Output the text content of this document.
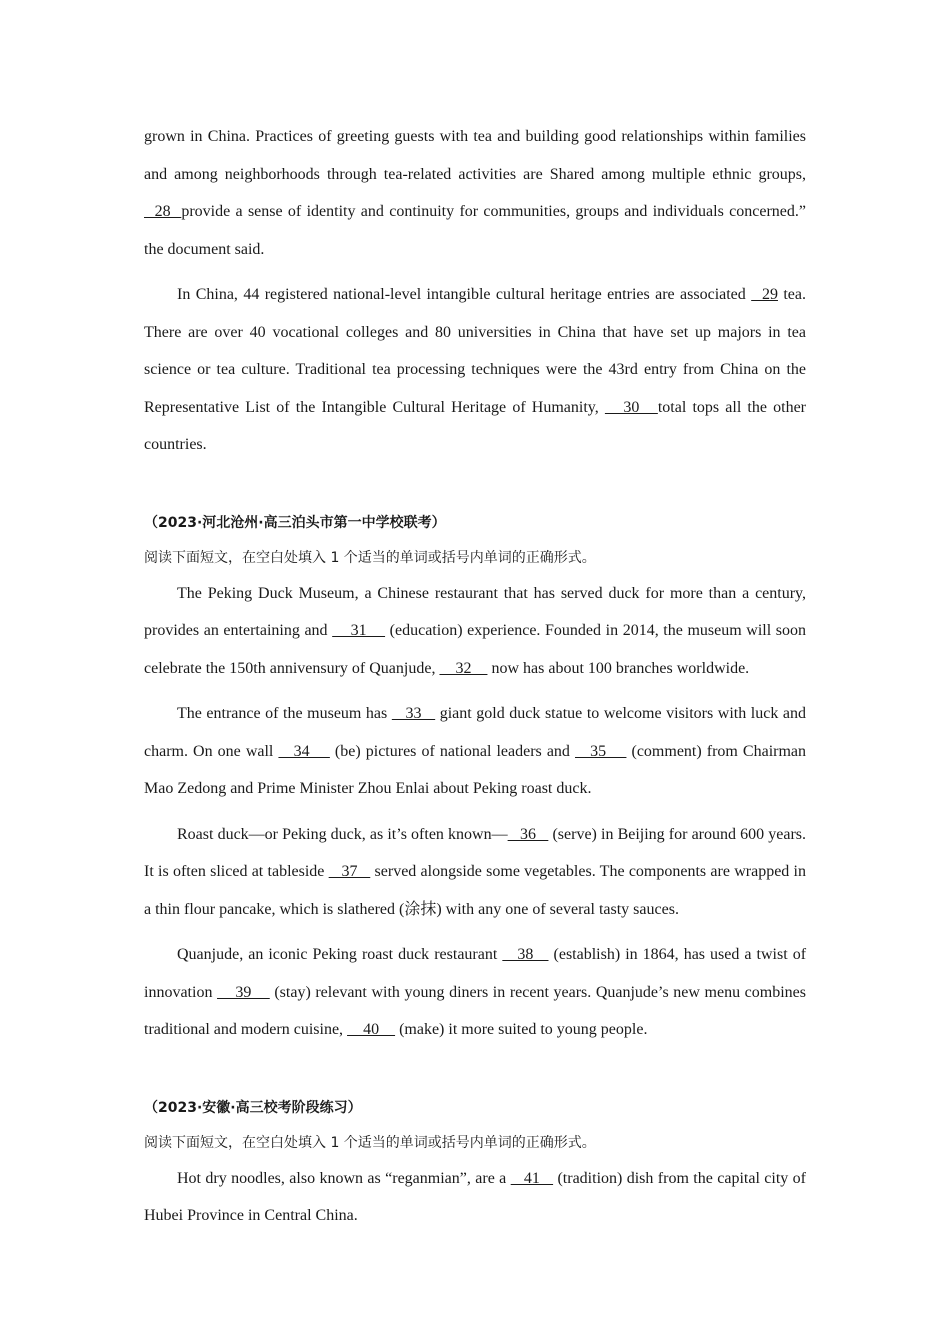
grown in China. Practices of greeting guests with tea and building good relationships within families and among neighborhoods through tea-related activities are Shared among multiple ethnic groups,   28  provide a sense of identity and continuity for communities, groups and individuals concerned.” the document said.

In China, 44 registered national-level intangible cultural heritage entries are associated   29 tea. There are over 40 vocational colleges and 80 universities in China that have set up majors in tea science or tea culture. Traditional tea processing techniques were the 43rd entry from China on the Representative List of the Intangible Cultural Heritage of Humanity,    30   total tops all the other countries.

（2023·河北沧州·高三泊头市第一中学校联考）

阅读下面短文，在空白处填入 1 个适当的单词或括号内单词的正确形式。

The Peking Duck Museum, a Chinese restaurant that has served duck for more than a century, provides an entertaining and     31     (education) experience. Founded in 2014, the museum will soon celebrate the 150th annivensury of Quanjude,     32     now has about 100 branches worldwide.

The entrance of the museum has    33    giant gold duck statue to welcome visitors with luck and charm. On one wall    34     (be) pictures of national leaders and    35     (comment) from Chairman Mao Zedong and Prime Minister Zhou Enlai about Peking roast duck.

Roast duck—or Peking duck, as it’s often known—   36    (serve) in Beijing for around 600 years. It is often sliced at tableside    37    served alongside some vegetables. The components are wrapped in a thin flour pancake, which is slathered (涂抹) with any one of several tasty sauces.

Quanjude, an iconic Peking roast duck restaurant    38    (establish) in 1864, has used a twist of innovation     39     (stay) relevant with young diners in recent years. Quanjude’s new menu combines traditional and modern cuisine,     40     (make) it more suited to young people.

（2023·安徽·高三校考阶段练习）

阅读下面短文，在空白处填入 1 个适当的单词或括号内单词的正确形式。

Hot dry noodles, also known as “reganmian”, are a    41    (tradition) dish from the capital city of Hubei Province in Central China.
